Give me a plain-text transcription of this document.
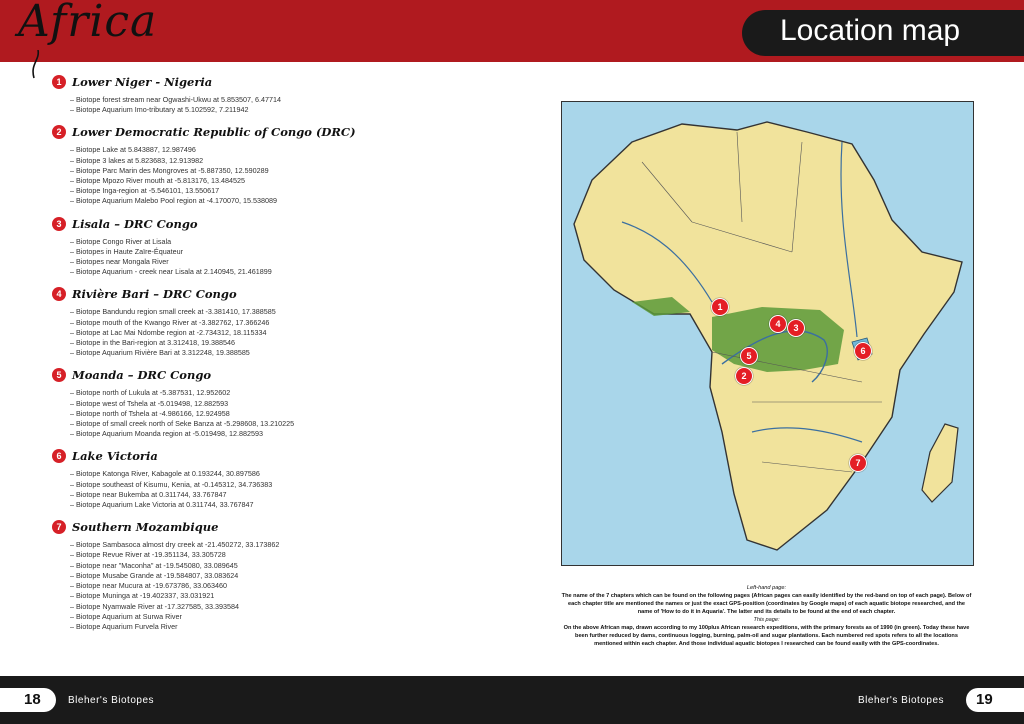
Africa	Location map
1 Lower Niger - Nigeria
– Biotope forest stream near Ogwashi-Ukwu at 5.853507, 6.47714
– Biotope Aquarium Imo-tributary at 5.102592, 7.211942
2 Lower Democratic Republic of Congo (DRC)
– Biotope Lake at 5.843887, 12.987496
– Biotope 3 lakes at 5.823683, 12.913982
– Biotope Parc Marin des Mongroves at -5.887350, 12.590289
– Biotope Mpozo River mouth at -5.813176, 13.484525
– Biotope Inga-region at -5.546101, 13.550617
– Biotope Aquarium Malebo Pool region at -4.170070, 15.538089
3 Lisala – DRC Congo
– Biotope Congo River at Lisala
– Biotopes in Haute Zaïre-Équateur
– Biotopes near Mongala River
– Biotope Aquarium - creek near Lisala at 2.140945, 21.461899
4 Rivière Bari – DRC Congo
– Biotope Bandundu region small creek at -3.381410, 17.388585
– Biotope mouth of the Kwango River at -3.382762, 17.366246
– Biotope at Lac Mai Ndombe region at -2.734312, 18.115334
– Biotope in the Bari-region at 3.312418, 19.388546
– Biotope Aquarium Rivière Bari at 3.312248, 19.388585
5 Moanda – DRC Congo
– Biotope north of Lukula at -5.387531, 12.952602
– Biotope west of Tshela at -5.019498, 12.882593
– Biotope north of Tshela at -4.986166, 12.924958
– Biotope of small creek north of Seke Banza at -5.298608, 13.210225
– Biotope Aquarium Moanda region at -5.019498, 12.882593
6 Lake Victoria
– Biotope Katonga River, Kabagole at 0.193244, 30.897586
– Biotope southeast of Kisumu, Kenia, at -0.145312, 34.736383
– Biotope near Bukemba at 0.311744, 33.767847
– Biotope Aquarium Lake Victoria at 0.311744, 33.767847
7 Southern Mozambique
– Biotope Sambasoca almost dry creek at -21.450272, 33.173862
– Biotope Revue River at -19.351134, 33.305728
– Biotope near "Maconha" at -19.545080, 33.089645
– Biotope Musabe Grande at -19.584807, 33.083624
– Biotope near Mucura at -19.673786, 33.063460
– Biotope Muninga at -19.402337, 33.031921
– Biotope Nyamwale River at -17.327585, 33.393584
– Biotope Aquarium at Surwa River
– Biotope Aquarium Furvela River
1
4	3
6
5
2
7
Left-hand page:
The name of the 7 chapters which can be found on the following pages (African pages can easily identified by the red-band on top of each page). Below of each chapter title are mentioned the names or just the exact GPS-position (coordinates by Google maps) of each aquatic biotope researched, and the name of 'How to do it in Aquaria'. The latter and its details to be found at the end of each chapter.
This page:
On the above African map, drawn according to my 100plus African research expeditions, with the primary forests as of 1990 (in green). Today these have been further reduced by dams, continuous logging, burning, palm-oil and sugar plantations. Each numbered red spots refers to all the locations mentioned within each chapter. And those individual aquatic biotopes I researched can be found easily with the GPS-coordinates.
18	Bleher's Biotopes	Bleher's Biotopes 19
